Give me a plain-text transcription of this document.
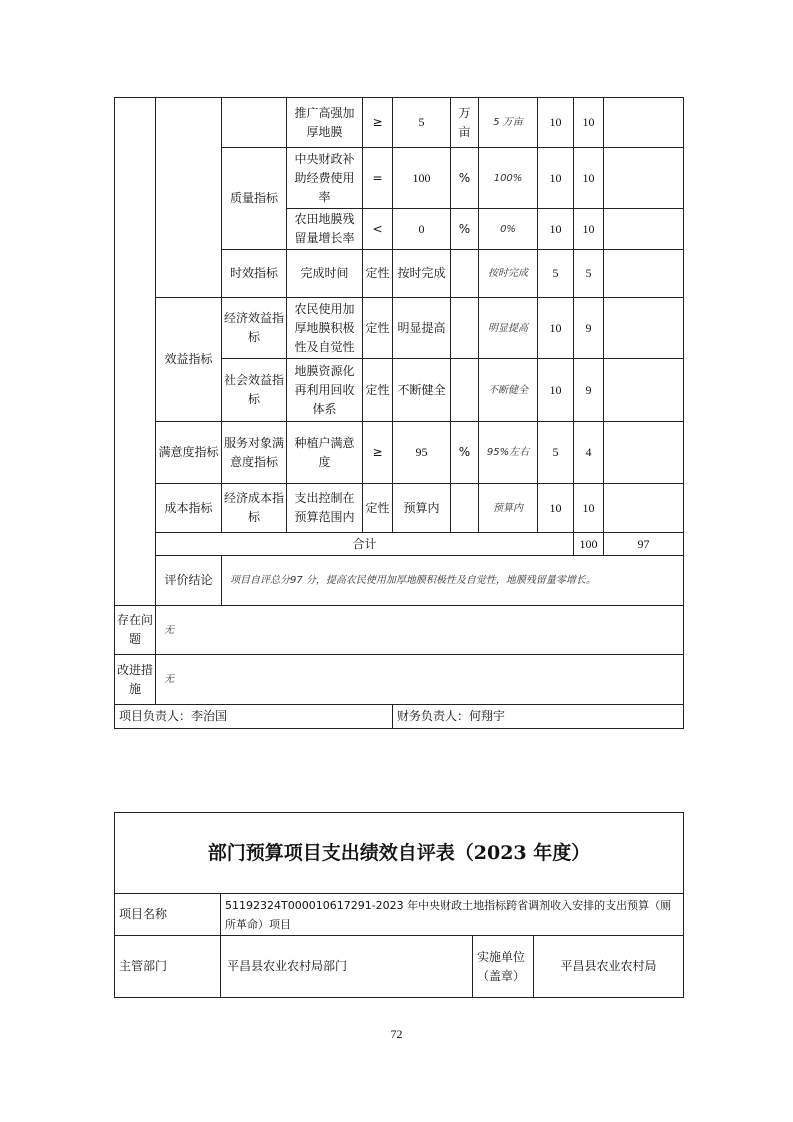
			推广高强加厚地膜	≥	5	万亩	5 万亩	10	10		
		质量指标	中央财政补助经费使用率	=	100	%	100%	10	10		
			农田地膜残留量增长率	<	0	%	0%	10	10		
		时效指标	完成时间	定性	按时完成		按时完成	5	5		
	效益指标	经济效益指标	农民使用加厚地膜积极性及自觉性	定性	明显提高		明显提高	10	9		
		社会效益指标	地膜资源化再利用回收体系	定性	不断健全		不断健全	10	9		
	满意度指标	服务对象满意度指标	种植户满意度	≥	95	%	95%左右	5	4		
	成本指标	经济成本指标	支出控制在预算范围内	定性	预算内		预算内	10	10		
	合计								100	97	
	评价结论	项目自评总分97 分，提高农民使用加厚地膜积极性及自觉性，地膜残留量零增长。									
存在问题	无										
改进措施	无										
项目负责人：李治国					财务负责人：何翔宇						
部门预算项目支出绩效自评表（2023 年度）			
项目名称	51192324T000010617291-2023 年中央财政土地指标跨省调剂收入安排的支出预算（厕所革命）项目		
主管部门	平昌县农业农村局部门	实施单位（盖章）	平昌县农业农村局
72
